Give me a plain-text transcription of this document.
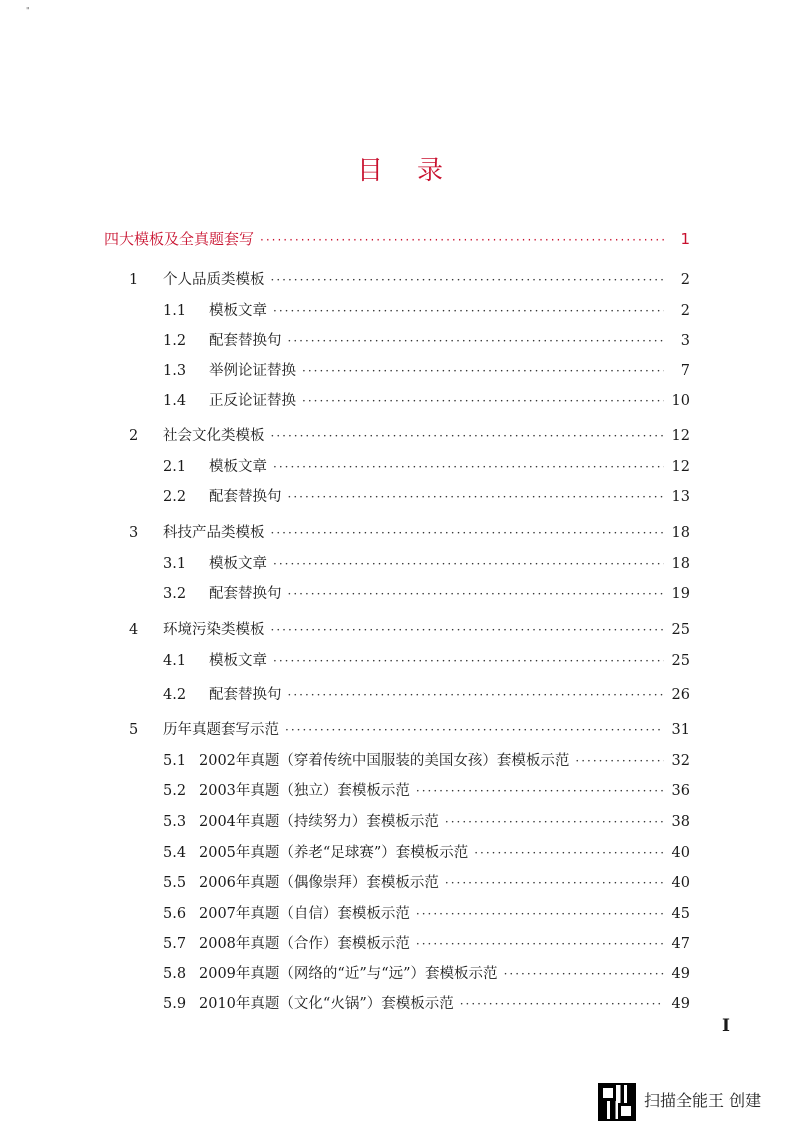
"
目录
四大模板及全真题套写 ·····	1
1	个人品质类模板 ·····	2
1.1	模板文章 ·····	2
1.2	配套替换句 ·····	3
1.3	举例论证替换 ·····	7
1.4	正反论证替换 ·····	10
2	社会文化类模板 ·····	12
2.1	模板文章 ·····	12
2.2	配套替换句 ·····	13
3	科技产品类模板 ·····	18
3.1	模板文章 ·····	18
3.2	配套替换句 ·····	19
4	环境污染类模板 ·····	25
4.1	模板文章 ·····	25
4.2	配套替换句 ·····	26
5	历年真题套写示范 ·····	31
5.1 2002年真题（穿着传统中国服装的美国女孩）套模板示范 ·····	32
5.2 2003年真题（独立）套模板示范 ·····	36
5.3 2004年真题（持续努力）套模板示范 ·····	38
5.4 2005年真题（养老“足球赛”）套模板示范 ·····	40
5.5 2006年真题（偶像崇拜）套模板示范 ·····	40
5.6 2007年真题（自信）套模板示范 ·····	45
5.7 2008年真题（合作）套模板示范 ·····	47
5.8 2009年真题（网络的“近”与“远”）套模板示范 ·····	49
5.9 2010年真题（文化“火锅”）套模板示范 ·····	49
I
扫描全能王 创建
